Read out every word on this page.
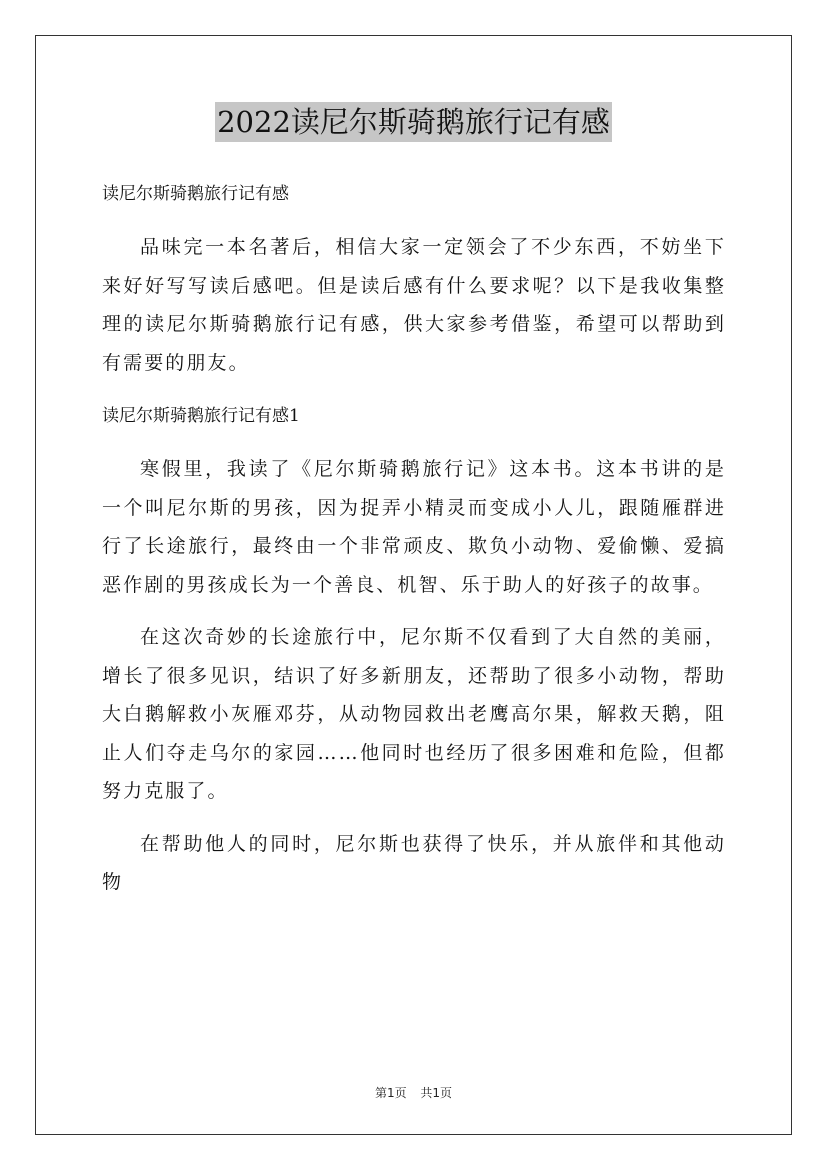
2022读尼尔斯骑鹅旅行记有感
读尼尔斯骑鹅旅行记有感

品味完一本名著后，相信大家一定领会了不少东西，不妨坐下来好好写写读后感吧。但是读后感有什么要求呢？以下是我收集整理的读尼尔斯骑鹅旅行记有感，供大家参考借鉴，希望可以帮助到有需要的朋友。

读尼尔斯骑鹅旅行记有感1

寒假里，我读了《尼尔斯骑鹅旅行记》这本书。这本书讲的是一个叫尼尔斯的男孩，因为捉弄小精灵而变成小人儿，跟随雁群进行了长途旅行，最终由一个非常顽皮、欺负小动物、爱偷懒、爱搞恶作剧的男孩成长为一个善良、机智、乐于助人的好孩子的故事。

在这次奇妙的长途旅行中，尼尔斯不仅看到了大自然的美丽，增长了很多见识，结识了好多新朋友，还帮助了很多小动物，帮助大白鹅解救小灰雁邓芬，从动物园救出老鹰高尔果，解救天鹅，阻止人们夺走乌尔的家园……他同时也经历了很多困难和危险，但都努力克服了。

在帮助他人的同时，尼尔斯也获得了快乐，并从旅伴和其他动物

第1页 共1页
